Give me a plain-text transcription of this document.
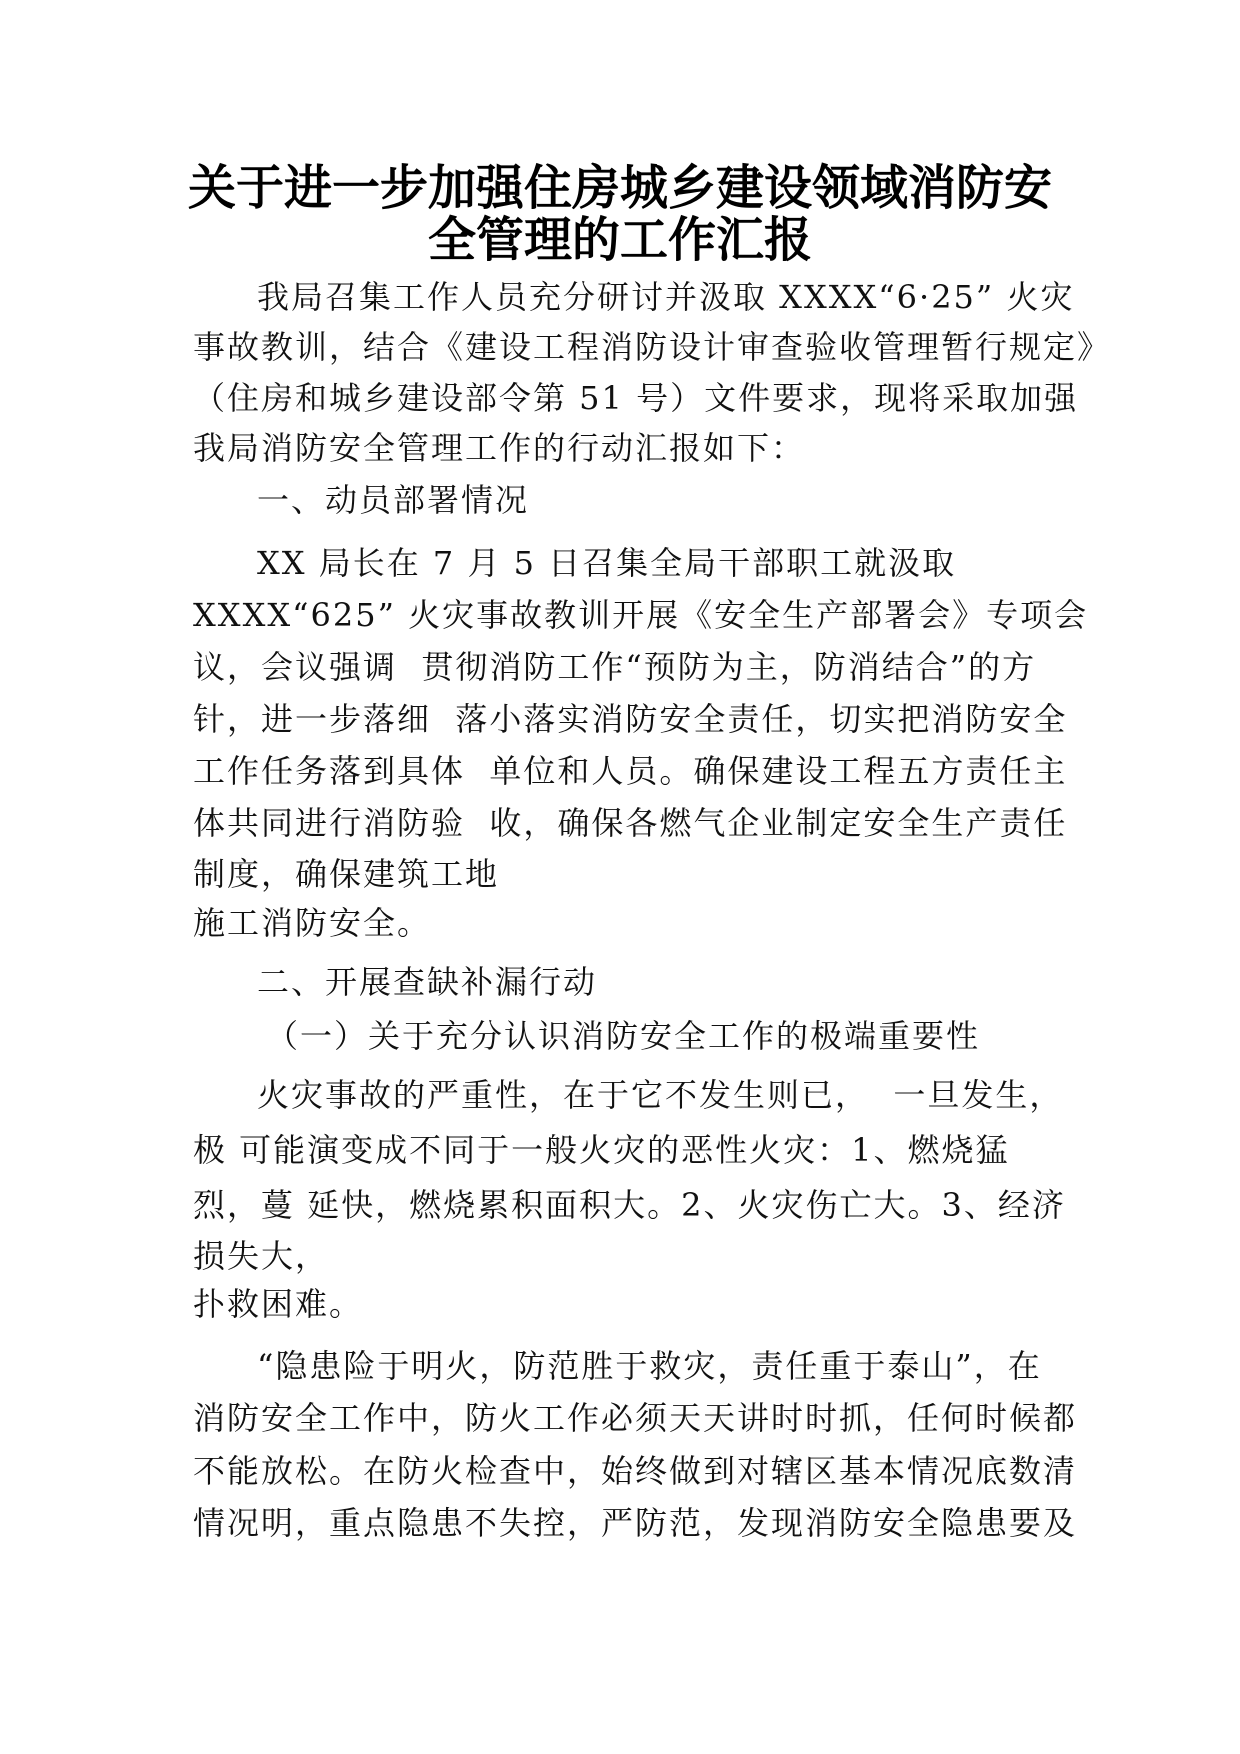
关于进一步加强住房城乡建设领域消防安
全管理的工作汇报
我局召集工作人员充分研讨并汲取 XXXX“6·25” 火灾
事故教训，结合《建设工程消防设计审查验收管理暂行规定》
（住房和城乡建设部令第 51 号）文件要求，现将采取加强
我局消防安全管理工作的行动汇报如下：
一、动员部署情况
XX 局长在 7 月 5 日召集全局干部职工就汲取
XXXX“625” 火灾事故教训开展《安全生产部署会》专项会
议，会议强调  贯彻消防工作“预防为主，防消结合”的方
针，进一步落细  落小落实消防安全责任，切实把消防安全
工作任务落到具体  单位和人员。确保建设工程五方责任主
体共同进行消防验  收，确保各燃气企业制定安全生产责任
制度，确保建筑工地
施工消防安全。
二、开展查缺补漏行动
（一）关于充分认识消防安全工作的极端重要性
火灾事故的严重性，在于它不发生则已，  一旦发生，
极 可能演变成不同于一般火灾的恶性火灾：1、燃烧猛
烈，蔓 延快，燃烧累积面积大。2、火灾伤亡大。3、经济
损失大，
扑救困难。
“隐患险于明火，防范胜于救灾，责任重于泰山”，在
消防安全工作中，防火工作必须天天讲时时抓，任何时候都
不能放松。在防火检查中，始终做到对辖区基本情况底数清
情况明，重点隐患不失控，严防范，发现消防安全隐患要及
